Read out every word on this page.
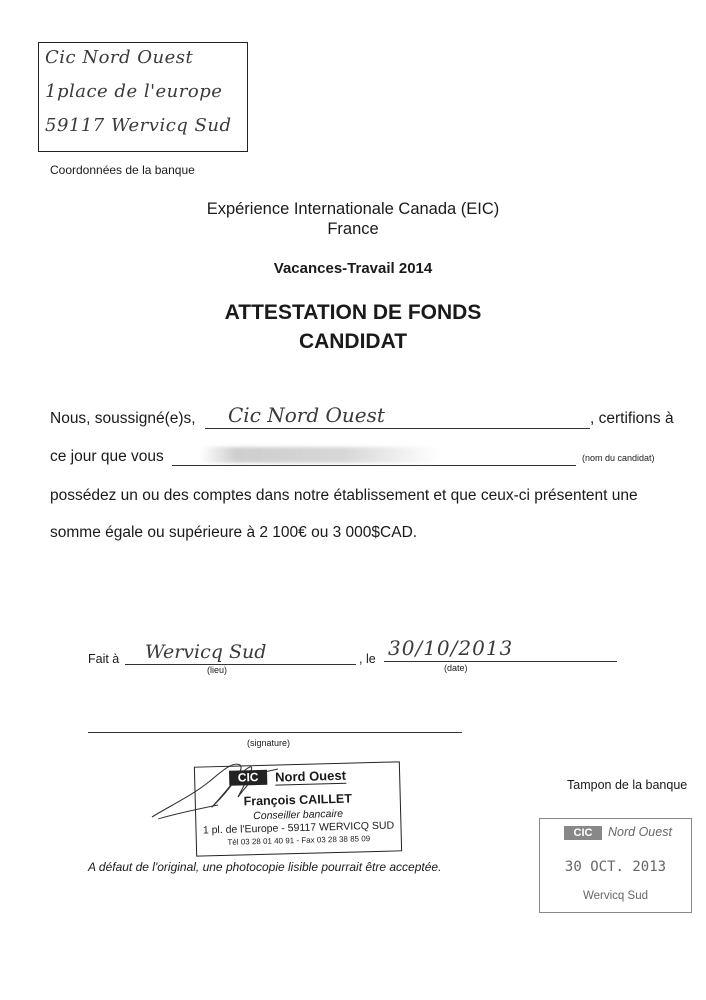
Cic Nord Ouest
1place de l'europe
59117 Wervicq Sud
Coordonnées de la banque
Expérience Internationale Canada (EIC)
France
Vacances-Travail 2014
ATTESTATION DE FONDS
CANDIDAT
Nous, soussigné(e)s, Cic Nord Ouest	, certifions à
ce jour que vous	(nom du candidat)
possédez un ou des comptes dans notre établissement et que ceux-ci présentent une
somme égale ou supérieure à 2 100€ ou 3 000$CAD.
Fait à Wervicq Sud
(lieu)
, le 30/10/2013
(date)
(signature)
CIC	Nord Ouest
François CAILLET
Conseiller bancaire
1 pl. de l'Europe - 59117 WERVICQ SUD
Tél 03 28 01 40 91 - Fax 03 28 38 85 09
Tampon de la banque
CIC	Nord Ouest
30 OCT. 2013
Wervicq Sud
A défaut de l'original, une photocopie lisible pourrait être acceptée.
